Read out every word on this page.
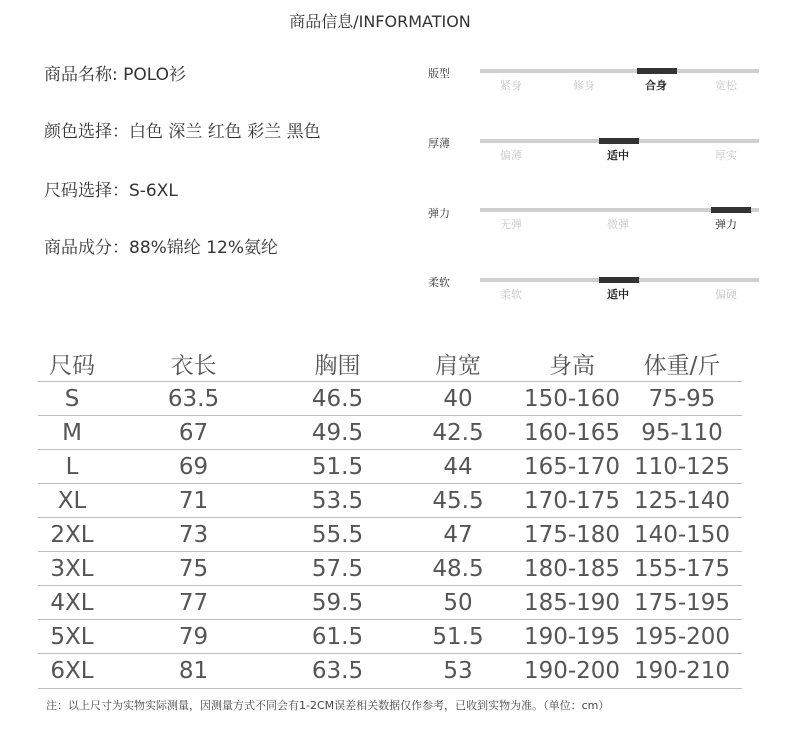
商品信息/INFORMATION
商品名称: POLO衫
颜色选择：白色 深兰 红色 彩兰 黑色
尺码选择：S-6XL
商品成分：88%锦纶 12%氨纶
版型
紧身	修身	合身	宽松
厚薄
偏薄	适中	厚实
弹力
无弹	微弹	弹力
柔软
柔软	适中	偏硬
尺码	衣长	胸围	肩宽	身高	体重/斤
S	63.5	46.5	40	150-160	75-95
M	67	49.5	42.5	160-165	95-110
L	69	51.5	44	165-170	110-125
XL	71	53.5	45.5	170-175	125-140
2XL	73	55.5	47	175-180	140-150
3XL	75	57.5	48.5	180-185	155-175
4XL	77	59.5	50	185-190	175-195
5XL	79	61.5	51.5	190-195	195-200
6XL	81	63.5	53	190-200	190-210
注：以上尺寸为实物实际测量，因测量方式不同会有1-2CM误差相关数据仅作参考，已收到实物为准。（单位：cm）
